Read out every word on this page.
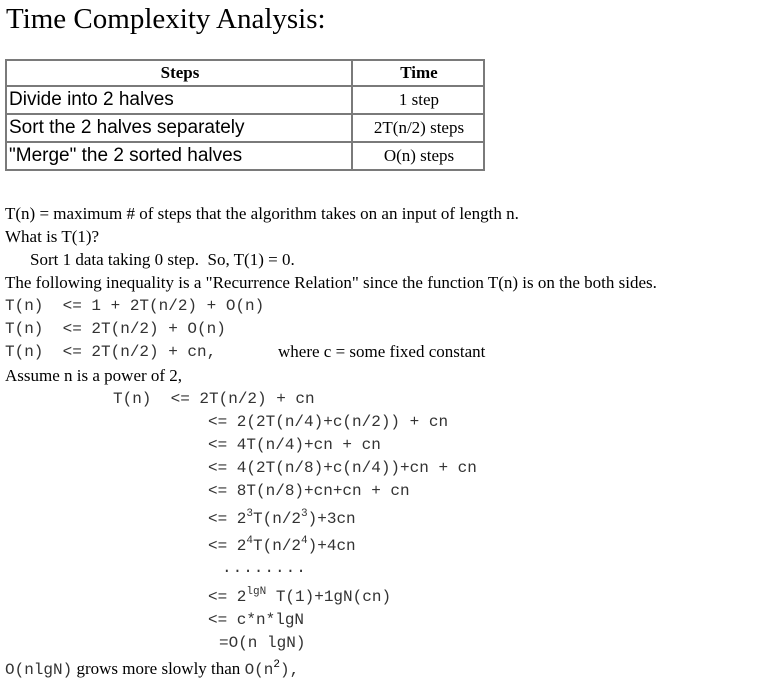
Time Complexity Analysis:
Steps	Time
Divide into 2 halves	1 step
Sort the 2 halves separately	2T(n/2) steps
"Merge" the 2 sorted halves	O(n) steps
T(n) = maximum # of steps that the algorithm takes on an input of length n.
What is T(1)?
Sort 1 data taking 0 step.  So, T(1) = 0.
The following inequality is a "Recurrence Relation" since the function T(n) is on the both sides.
T(n)  <= 1 + 2T(n/2) + O(n)
T(n)  <= 2T(n/2) + O(n)
T(n)  <= 2T(n/2) + cn,	where c = some fixed constant
Assume n is a power of 2,
T(n)  <= 2T(n/2) + cn
<= 2(2T(n/4)+c(n/2)) + cn
<= 4T(n/4)+cn + cn
<= 4(2T(n/8)+c(n/4))+cn + cn
<= 8T(n/8)+cn+cn + cn
<= $2^3T(n/2^3)+3cn$
<= $2^4T(n/2^4)+4cn$
........
<= $2^{lgN}$ T(1)+1gN(cn)
<= c*n*lgN
=O(n lgN)
O(nlgN) grows more slowly than $O(n^2)$,
